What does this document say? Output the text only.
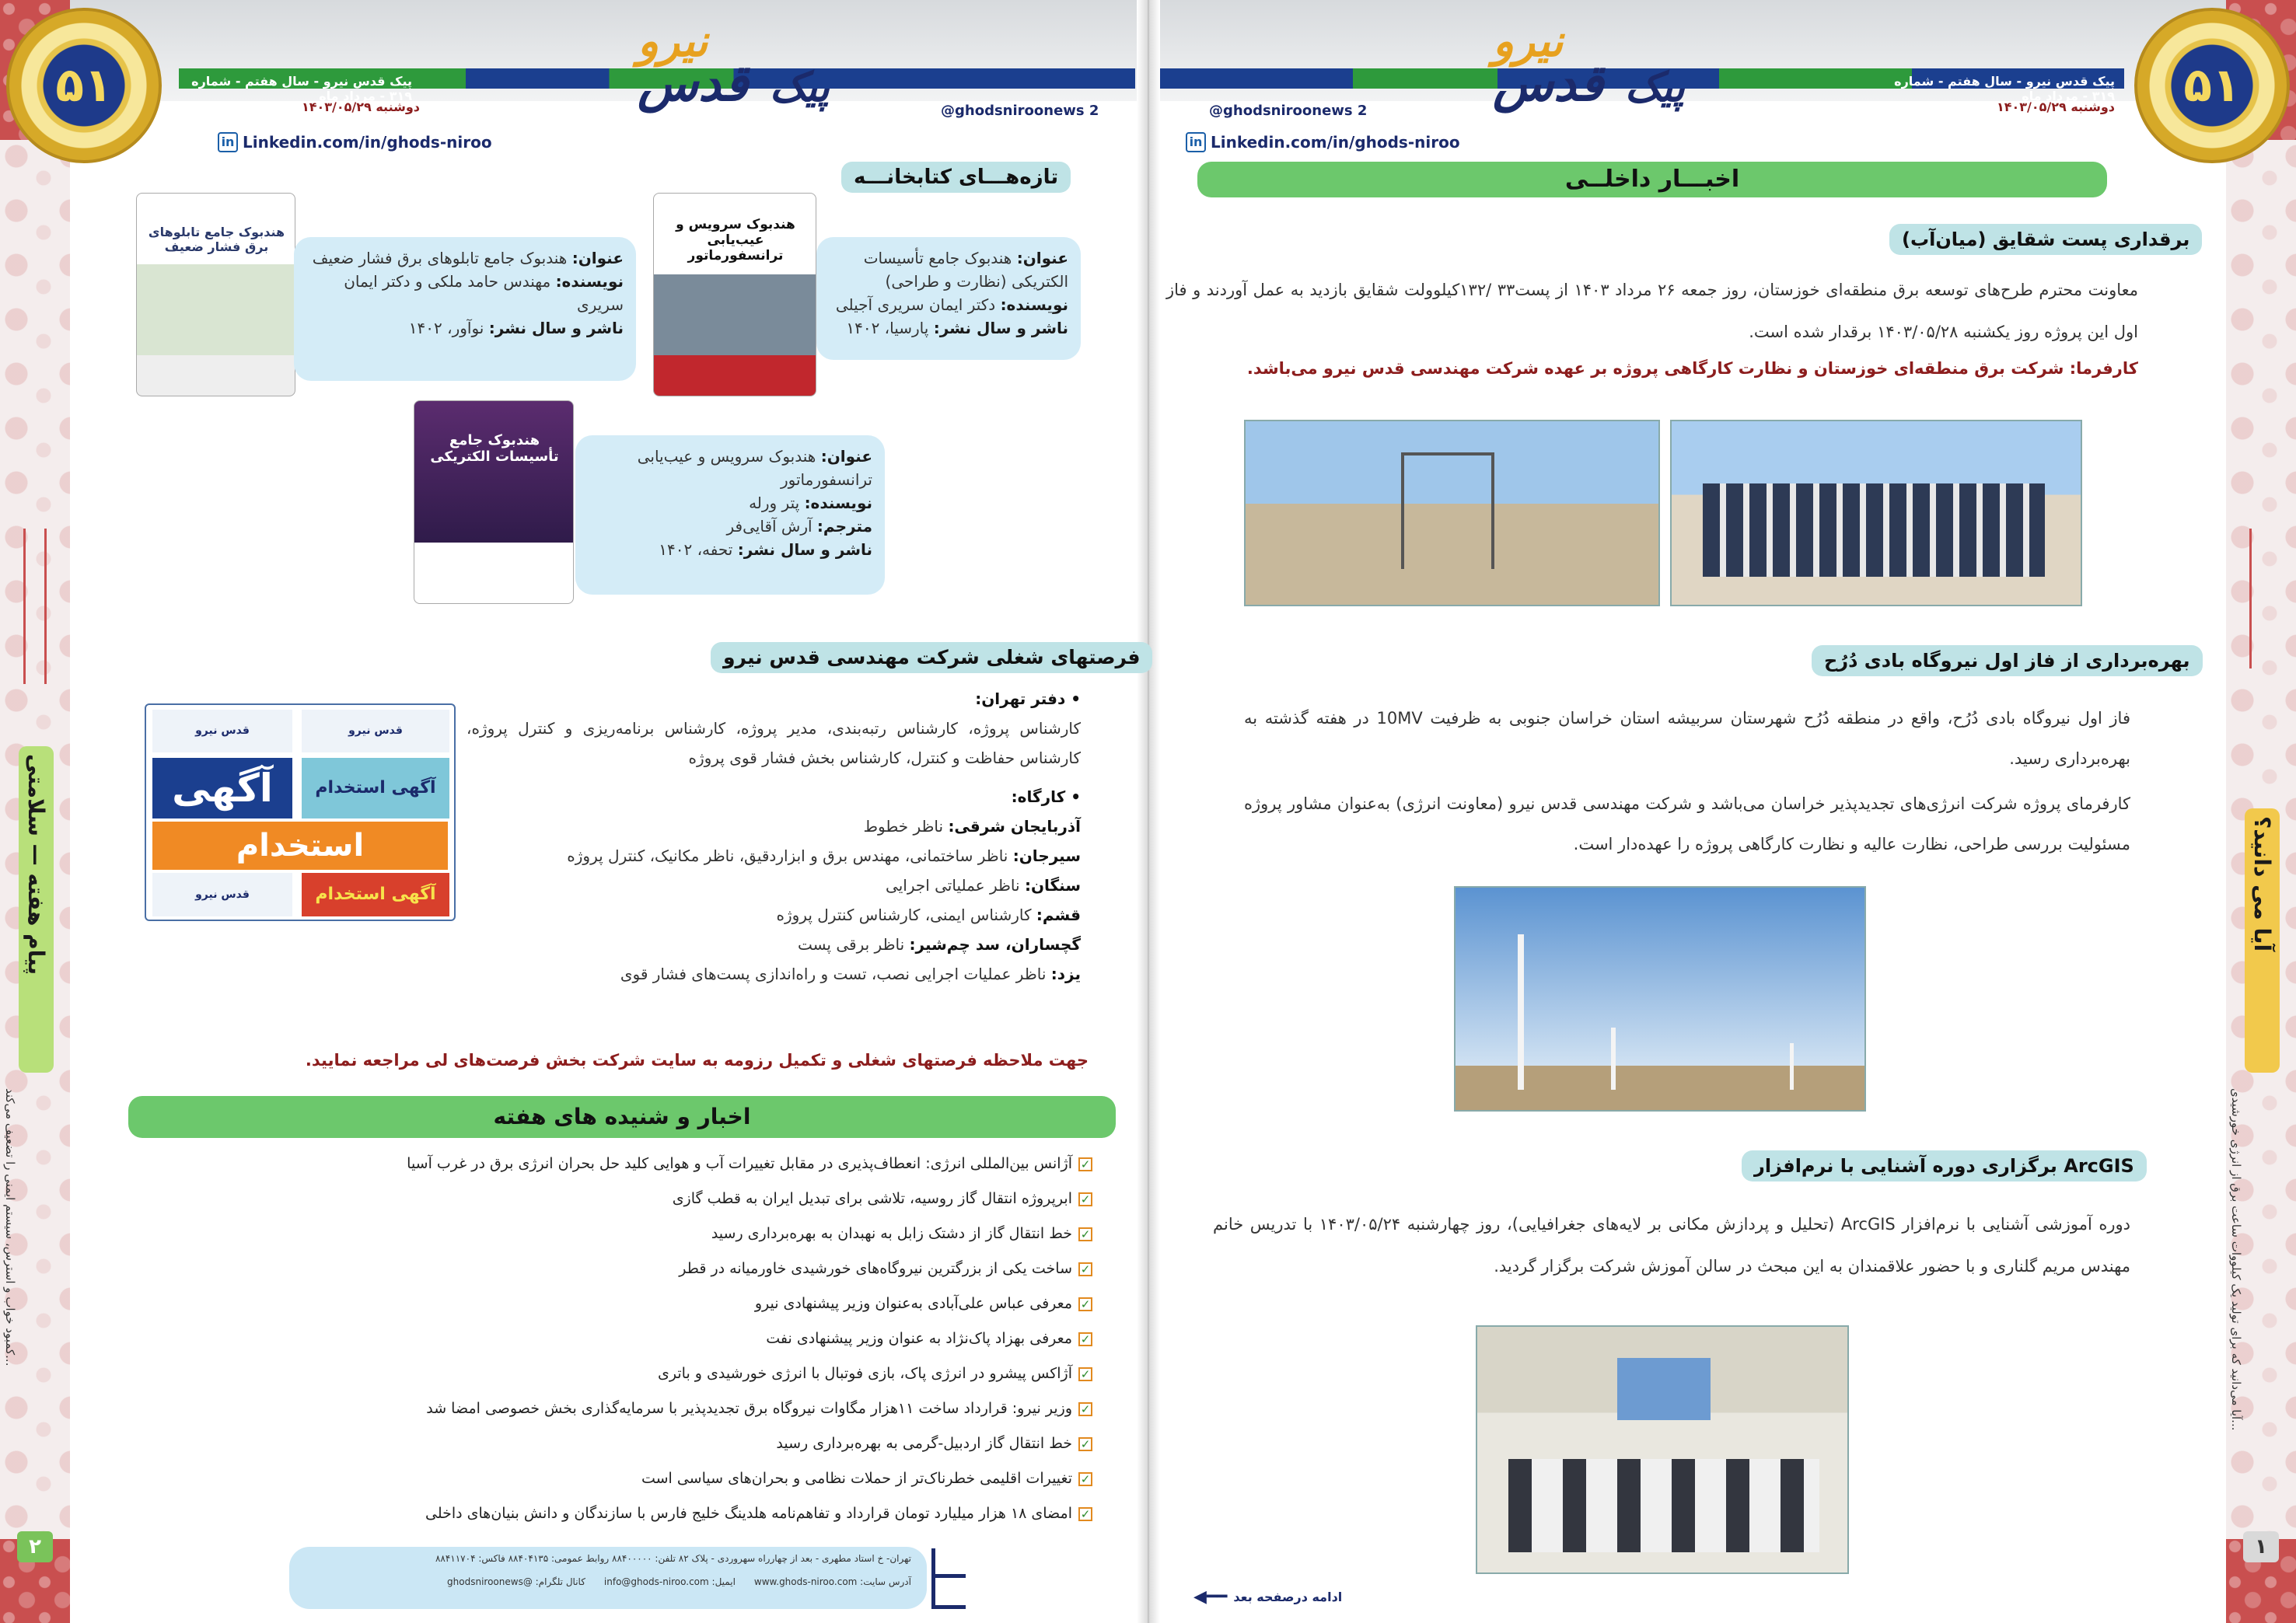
پیام هفته — سلامتی
کمبود خواب و استرس، سیستم ایمنی را تضعیف می‌کند...
۲
آیا می دانید؟
آیا می‌دانید که برای تولید یک کیلووات ساعت برق از انرژی خورشیدی...
۱
۵۱	پیک قدس نیرو - سال هفتم - شماره ۳۱۹ - مرداد ماه
دوشنبه ۱۴۰۳/۰۵/۲۹	@ghodsniroonews 2
نیرو
قدس پیک
in Linkedin.com/in/ghods-niroo
۵۱
پیک قدس نیرو - سال هفتم - شماره ۳۱۹ - مرداد ماه
دوشنبه ۱۴۰۳/۰۵/۲۹
@ghodsniroonews 2
نیرو
قدس پیک
in Linkedin.com/in/ghods-niroo
اخبـــار داخلــی
برقداری پست شقایق (میان‌آب)
معاونت محترم طرح‌های توسعه برق منطقه‌ای خوزستان، روز جمعه ۲۶ مرداد ۱۴۰۳ از پست۳۳ /۱۳۲کیلوولت شقایق بازدید به عمل آوردند و فاز اول این پروژه روز یکشنبه ۱۴۰۳/۰۵/۲۸ برقدار شده است.
کارفرما: شرکت برق منطقه‌ای خوزستان و نظارت کارگاهی پروژه بر عهده شرکت مهندسی قدس نیرو می‌باشد.
بهره‌برداری از فاز اول نیروگاه بادی دُرُح
فاز اول نیروگاه بادی دُرُح، واقع در منطقه دُرُح شهرستان سربیشه استان خراسان جنوبی به ظرفیت 10MV در هفته گذشته به بهره‌برداری رسید.
کارفرمای پروژه شرکت انرژی‌های تجدیدپذیر خراسان می‌باشد و شرکت مهندسی قدس نیرو (معاونت انرژی) به‌عنوان مشاور پروژه مسئولیت بررسی طراحی، نظارت عالیه و نظارت کارگاهی پروژه را عهده‌دار است.
برگزاری دوره آشنایی با نرم‌افزار ArcGIS
دوره آموزشی آشنایی با نرم‌افزار ArcGIS (تحلیل و پردازش مکانی بر لایه‌های جغرافیایی)، روز چهارشنبه ۱۴۰۳/۰۵/۲۴ با تدریس خانم مهندس مریم گلناری و با حضور علاقمندان به این مبحث در سالن آموزش شرکت برگزار گردید.
◀━━ ادامه درصفحه بعد
تازه‌هـــای کتابخانـــه
هندبوک سرویس و عیب‌یابی ترانسفورماتور	عنوان: هندبوک جامع تأسیسات الکتریکی (نظارت و طراحی)
نویسنده: دکتر ایمان سریری آجیلی
ناشر و سال نشر: پارسیا، ۱۴۰۲
هندبوک جامع تابلوهای برق فشار ضعیف
عنوان: هندبوک جامع تابلوهای برق فشار ضعیف
نویسنده: مهندس حامد ملکی و دکتر ایمان سریری
ناشر و سال نشر: نوآور، ۱۴۰۲
هندبوک جامع تأسیسات الکتریکی	عنوان: هندبوک سرویس و عیب‌یابی ترانسفورماتور
نویسنده: پتر ورله
مترجم: آرش آقایی‌فر
ناشر و سال نشر: تحفه، ۱۴۰۲
فرصتهای شغلی شرکت مهندسی قدس نیرو
قدس نیرو	قدس نیرو
آگهی	آگهی استخدام
استخدام
قدس نیرو	آگهی استخدام
• دفتر تهران:
کارشناس پروژه، کارشناس رتبه‌بندی، مدیر پروژه، کارشناس برنامه‌ریزی و کنترل پروژه، کارشناس حفاظت و کنترل، کارشناس بخش فشار قوی پروژه
• کارگاه:
آذربایجان شرقی: ناظر خطوط
سیرجان: ناظر ساختمانی، مهندس برق و ابزاردقیق، ناظر مکانیک، کنترل پروژه
سنگان: ناظر عملیاتی اجرایی
قشم: کارشناس ایمنی، کارشناس کنترل پروژه
گچساران، سد چم‌شیر: ناظر برقی پست
یزد: ناظر عملیات اجرایی نصب، تست و راه‌اندازی پست‌های فشار قوی
جهت ملاحظه فرصتهای شغلی و تکمیل رزومه به سایت شرکت بخش فرصت‌های لی مراجعه نمایید.
اخبار و شنیده های هفته
✓آژانس بین‌المللی انرژی: انعطاف‌پذیری در مقابل تغییرات آب و هوایی کلید حل بحران انرژی برق در غرب آسیا
✓ابرپروژه انتقال گاز روسیه، تلاشی برای تبدیل ایران به قطب گازی
✓خط انتقال گاز از دشتک زابل به نهبدان به بهره‌برداری رسید
✓ساخت یکی از بزرگترین نیروگاه‌های خورشیدی خاورمیانه در قطر
✓معرفی عباس علی‌آبادی به‌عنوان وزیر پیشنهادی نیرو
✓معرفی بهزاد پاک‌نژاد به عنوان وزیر پیشنهادی نفت
✓آژاکس پیشرو در انرژی پاک، بازی فوتبال با انرژی خورشیدی و باتری
✓وزیر نیرو: قرارداد ساخت ۱۱هزار مگاوات نیروگاه برق تجدیدپذیر با سرمایه‌گذاری بخش خصوصی امضا شد
✓خط انتقال گاز اردبیل-گرمی به بهره‌برداری رسید
✓تغییرات اقلیمی خطرناک‌تر از حملات نظامی و بحران‌های سیاسی است
✓امضای ۱۸ هزار میلیارد تومان قرارداد و تفاهم‌نامه هلدینگ خلیج فارس با سازندگان و دانش بنیان‌های داخلی
تهران- خ استاد مطهری - بعد از چهارراه سهروردی - پلاک ۸۲ تلفن: ۸۸۴۰۰۰۰۰ روابط عمومی: ۸۸۴۰۴۱۳۵ فاکس: ۸۸۴۱۱۷۰۴
آدرس سایت: www.ghods-niroo.com
ایمیل: info@ghods-niroo.com
کانال تلگرام: @ghodsniroonews
